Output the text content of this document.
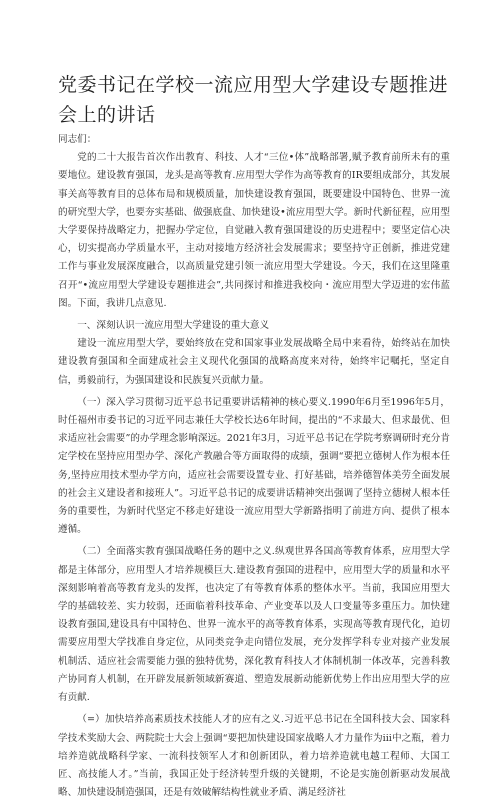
党委书记在学校一流应用型大学建设专题推进会上的讲话

同志们：

党的二十大报告首次作出教育、科技、人才“三位•体”战略部署,赋予教育前所未有的重要地位。建设教育强国，龙头是高等教育.应用型大学作为高等教育的IR要组成部分，其发展事关高等教育目的总体布局和规模质量，加快建设教育强国，既要建设中国特色、世界一流的研究型大学，也要夯实基础、做强底盘、加快建设•流应用型大学。新时代新征程，应用型大学要保持战略定力，把握办学定位，自觉融入教育强国建设的历史进程中；要坚定信心决心，切实提高办学质量水平，主动对接地方经济社会发展需求；要坚持守正创新，推进党建工作与事业发展深度融合，以高质量党建引领一流应用型大学建设。今天，我们在这里隆重召开“•流应用型大学建设专题推进会”,共同探讨和推进我校向・流应用型大学迈进的宏伟蓝图。下面，我讲几点意见.

一、深刻认识一流应用型大学建设的重大意义

建设一流应用型大学，要始终放在党和国家事业发展战略全局中来看待，始终站在加快建设教育强国和全面建成社会主义现代化强国的战略高度来对待，始终牢记嘱托，坚定自信，勇毅前行，为强国建设和民族复兴贡献力量。

（一）深入学习贯彻习近平总书记重要讲话精神的核心要义.1990年6月至1996年5月，时任福州市委书记的习近平同志兼任大学校长达6年时间，提出的“不求最大、但求最优、但求适应社会需要”的办学理念影响深远。2021年3月，习近平总书记在学院考察调研时充分肯定学校在坚持应用型办学、深化产教融合等方面取得的成绩，强调“要把立德树人作为根本任务,坚持应用技术型办学方向，适应社会需要设置专业、打好基础，培养德智体美劳全面发展的社会主义建设者和接班人”。习近平总书记的成要讲话精神突出强调了坚持立德树人根本任务的重要性，为新时代坚定不移走好建设一流应用型大学新路指明了前进方向、提供了根本遵循。

（二）全面落实教育强国战略任务的题中之义.纵观世界各国高等教育体系，应用型大学都是主体部分，应用型人才培养规模巨大.建设教育强国的进程中，应用型大学的质量和水平深刻影响着高等教育龙头的发挥，也决定了有等教育体系的整体水平。当前，我国应用型大学的基础较差、实力较弱，还面临着科技革命、产业变革以及人口变量等多重压力。加快建设教育强国,建设具有中国特色、世界一流水平的高等教育体系，实现高等教育现代化，迫切需要应用型大学找准自身定位，从同类竞争走向错位发展，充分发挥学科专业对接产业发展机制活、适应社会需要能力强的独特优势，深化教育科技人才体制机制一体改革，完善科教产协同育人机制，在开辟发展新领域新赛道、塑造发展新动能新优势上作出应用型大学的应有贡献.

（=）加快培养高素质技术技能人才的应有之义.习近平总书记在全国科技大会、国家科学技术奖励大会、两院院士大会上强调“要把加快建设国家战略人才力量作为iii中之瓶，着力培养造就战略科学家、一流科技领军人才和创新团队，着力培养造就电越工程师、大国工匠、高技能人才。”当前，我国正处于经济转型升级的关键期，不论是实施创新驱动发展战略、加快建设制造强国，还是有效破解结构性就业矛盾、满足经济社
